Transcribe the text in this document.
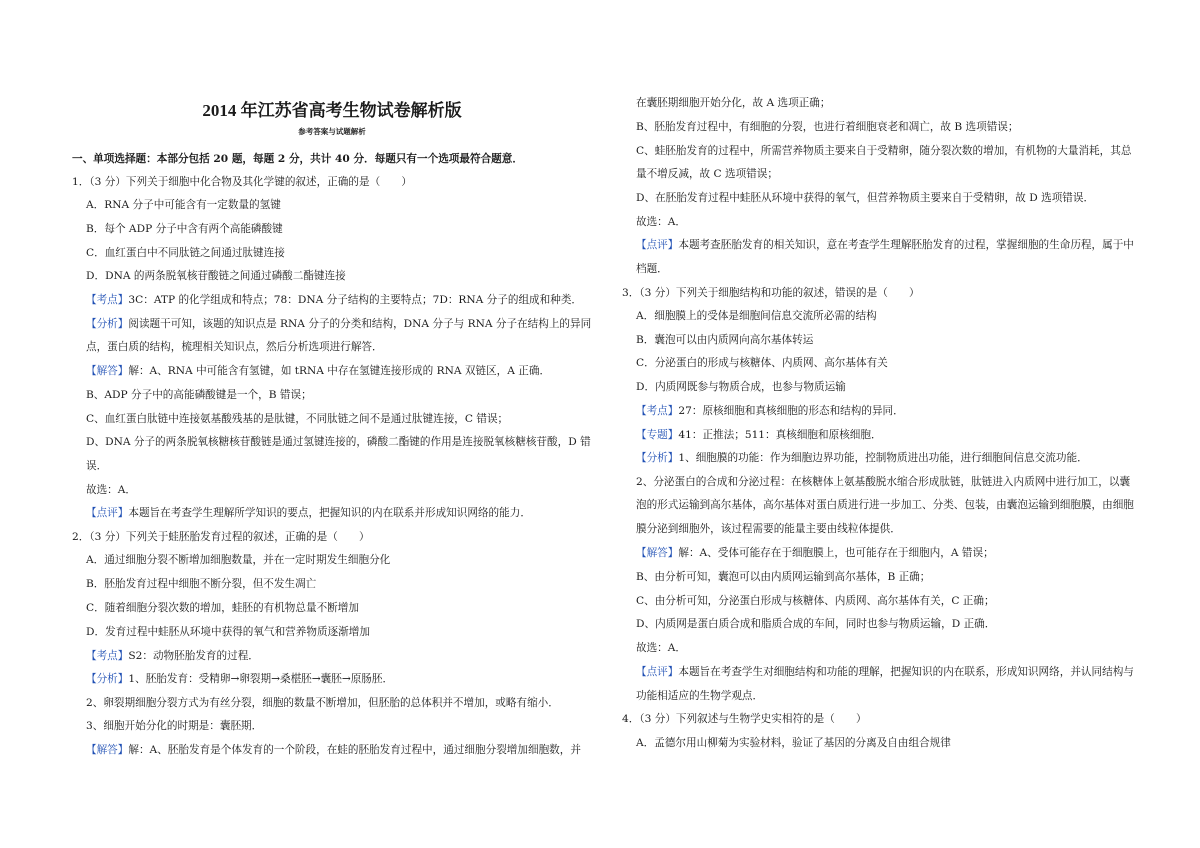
2014 年江苏省高考生物试卷解析版
参考答案与试题解析
一、单项选择题：本部分包括 20 题，每题 2 分，共计 40 分．每题只有一个选项最符合题意．
1．（3 分）下列关于细胞中化合物及其化学键的叙述，正确的是（　　）
A．RNA 分子中可能含有一定数量的氢键
B．每个 ADP 分子中含有两个高能磷酸键
C．血红蛋白中不同肽链之间通过肽键连接
D．DNA 的两条脱氧核苷酸链之间通过磷酸二酯键连接
【考点】3C：ATP 的化学组成和特点；78：DNA 分子结构的主要特点；7D：RNA 分子的组成和种类．
【分析】阅读题干可知，该题的知识点是 RNA 分子的分类和结构，DNA 分子与 RNA 分子在结构上的异同
点，蛋白质的结构，梳理相关知识点，然后分析选项进行解答．
【解答】解：A、RNA 中可能含有氢键，如 tRNA 中存在氢键连接形成的 RNA 双链区，A 正确．
B、ADP 分子中的高能磷酸键是一个，B 错误；
C、血红蛋白肽链中连接氨基酸残基的是肽键，不同肽链之间不是通过肽键连接，C 错误；
D、DNA 分子的两条脱氧核糖核苷酸链是通过氢键连接的，磷酸二酯键的作用是连接脱氧核糖核苷酸，D 错
误．
故选：A．
【点评】本题旨在考查学生理解所学知识的要点，把握知识的内在联系并形成知识网络的能力．
2．（3 分）下列关于蛙胚胎发育过程的叙述，正确的是（　　）
A．通过细胞分裂不断增加细胞数量，并在一定时期发生细胞分化
B．胚胎发育过程中细胞不断分裂，但不发生凋亡
C．随着细胞分裂次数的增加，蛙胚的有机物总量不断增加
D．发育过程中蛙胚从环境中获得的氧气和营养物质逐渐增加
【考点】S2：动物胚胎发育的过程．
【分析】1、胚胎发育：受精卵→卵裂期→桑椹胚→囊胚→原肠胚．
2、卵裂期细胞分裂方式为有丝分裂，细胞的数量不断增加，但胚胎的总体积并不增加，或略有缩小．
3、细胞开始分化的时期是：囊胚期．
【解答】解：A、胚胎发育是个体发育的一个阶段，在蛙的胚胎发育过程中，通过细胞分裂增加细胞数，并
在囊胚期细胞开始分化，故 A 选项正确；
B、胚胎发育过程中，有细胞的分裂，也进行着细胞衰老和凋亡，故 B 选项错误；
C、蛙胚胎发育的过程中，所需营养物质主要来自于受精卵，随分裂次数的增加，有机物的大量消耗，其总
量不增反减，故 C 选项错误；
D、在胚胎发育过程中蛙胚从环境中获得的氧气，但营养物质主要来自于受精卵，故 D 选项错误．
故选：A．
【点评】本题考查胚胎发育的相关知识，意在考查学生理解胚胎发育的过程，掌握细胞的生命历程，属于中
档题．
3．（3 分）下列关于细胞结构和功能的叙述，错误的是（　　）
A．细胞膜上的受体是细胞间信息交流所必需的结构
B．囊泡可以由内质网向高尔基体转运
C．分泌蛋白的形成与核糖体、内质网、高尔基体有关
D．内质网既参与物质合成，也参与物质运输
【考点】27：原核细胞和真核细胞的形态和结构的异同．
【专题】41：正推法；511：真核细胞和原核细胞．
【分析】1、细胞膜的功能：作为细胞边界功能，控制物质进出功能，进行细胞间信息交流功能．
2、分泌蛋白的合成和分泌过程：在核糖体上氨基酸脱水缩合形成肽链，肽链进入内质网中进行加工，以囊
泡的形式运输到高尔基体，高尔基体对蛋白质进行进一步加工、分类、包装，由囊泡运输到细胞膜，由细胞
膜分泌到细胞外，该过程需要的能量主要由线粒体提供．
【解答】解：A、受体可能存在于细胞膜上，也可能存在于细胞内，A 错误；
B、由分析可知，囊泡可以由内质网运输到高尔基体，B 正确；
C、由分析可知，分泌蛋白形成与核糖体、内质网、高尔基体有关，C 正确；
D、内质网是蛋白质合成和脂质合成的车间，同时也参与物质运输，D 正确．
故选：A．
【点评】本题旨在考查学生对细胞结构和功能的理解，把握知识的内在联系，形成知识网络，并认同结构与
功能相适应的生物学观点．
4．（3 分）下列叙述与生物学史实相符的是（　　）
A．孟德尔用山柳菊为实验材料，验证了基因的分离及自由组合规律
